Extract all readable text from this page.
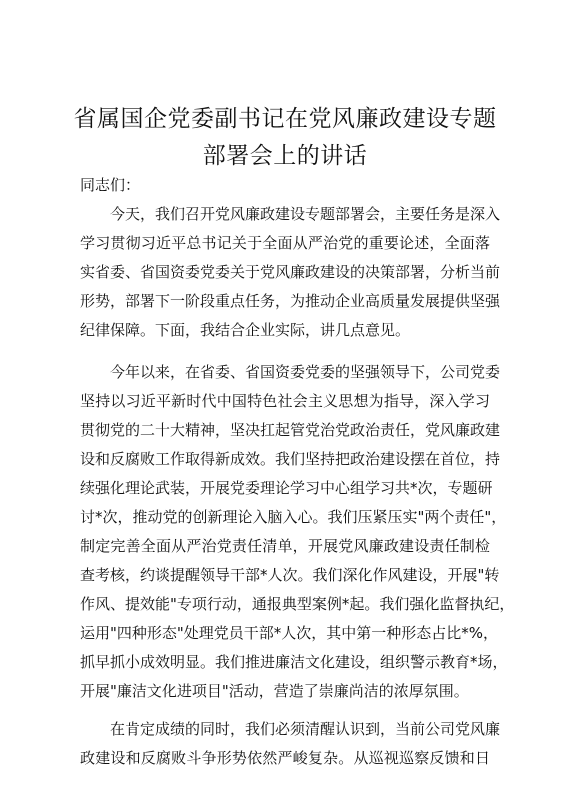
省属国企党委副书记在党风廉政建设专题
部署会上的讲话
同志们：
今天，我们召开党风廉政建设专题部署会，主要任务是深入
学习贯彻习近平总书记关于全面从严治党的重要论述，全面落
实省委、省国资委党委关于党风廉政建设的决策部署，分析当前
形势，部署下一阶段重点任务，为推动企业高质量发展提供坚强
纪律保障。下面，我结合企业实际，讲几点意见。
今年以来，在省委、省国资委党委的坚强领导下，公司党委
坚持以习近平新时代中国特色社会主义思想为指导，深入学习
贯彻党的二十大精神，坚决扛起管党治党政治责任，党风廉政建
设和反腐败工作取得新成效。我们坚持把政治建设摆在首位，持
续强化理论武装，开展党委理论学习中心组学习共*次，专题研
讨*次，推动党的创新理论入脑入心。我们压紧压实"两个责任"，
制定完善全面从严治党责任清单，开展党风廉政建设责任制检
查考核，约谈提醒领导干部*人次。我们深化作风建设，开展"转
作风、提效能"专项行动，通报典型案例*起。我们强化监督执纪，
运用"四种形态"处理党员干部*人次，其中第一种形态占比*%，
抓早抓小成效明显。我们推进廉洁文化建设，组织警示教育*场，
开展"廉洁文化进项目"活动，营造了崇廉尚洁的浓厚氛围。
在肯定成绩的同时，我们必须清醒认识到，当前公司党风廉
政建设和反腐败斗争形势依然严峻复杂。从巡视巡察反馈和日
